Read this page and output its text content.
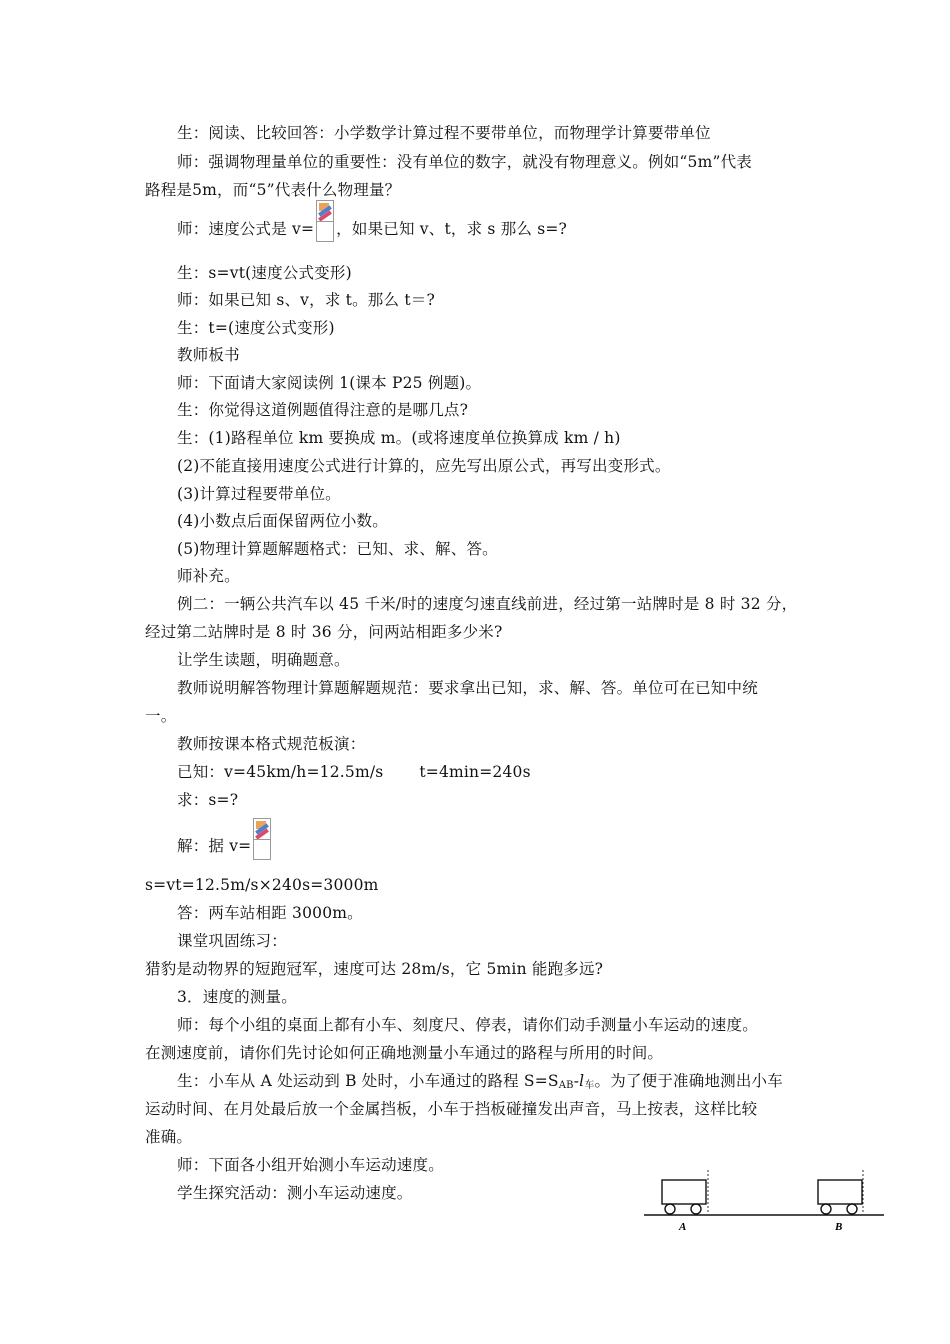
生：阅读、比较回答：小学数学计算过程不要带单位，而物理学计算要带单位
师：强调物理量单位的重要性：没有单位的数字，就没有物理意义。例如“5m”代表
路程是5m，而“5”代表什么物理量？
师：速度公式是 v= ，如果已知 v、t，求 s 那么 s=?
生：s=vt(速度公式变形)
师：如果已知 s、v，求 t。那么 t＝?
生：t=(速度公式变形)
教师板书
师：下面请大家阅读例 1(课本 P25 例题)。
生：你觉得这道例题值得注意的是哪几点?
生：(1)路程单位 km 要换成 m。(或将速度单位换算成 km / h)
(2)不能直接用速度公式进行计算的，应先写出原公式，再写出变形式。
(3)计算过程要带单位。
(4)小数点后面保留两位小数。
(5)物理计算题解题格式：已知、求、解、答。
师补充。
例二：一辆公共汽车以 45 千米/时的速度匀速直线前进，经过第一站牌时是 8 时 32 分，
经过第二站牌时是 8 时 36 分，问两站相距多少米?
让学生读题，明确题意。
教师说明解答物理计算题解题规范：要求拿出已知，求、解、答。单位可在已知中统
一。
教师按课本格式规范板演：
已知：v=45km/h=12.5m/s       t=4min=240s
求：s=?
解：据 v=
s=vt=12.5m/s×240s=3000m
答：两车站相距 3000m。
课堂巩固练习：
猎豹是动物界的短跑冠军，速度可达 28m/s，它 5min 能跑多远?
3．速度的测量。
师：每个小组的桌面上都有小车、刻度尺、停表，请你们动手测量小车运动的速度。
在测速度前，请你们先讨论如何正确地测量小车通过的路程与所用的时间。
生：小车从 A 处运动到 B 处时，小车通过的路程 $S=S_{AB}-l_车$。为了便于准确地测出小车
运动时间、在月处最后放一个金属挡板，小车于挡板碰撞发出声音，马上按表，这样比较
准确。
师：下面各小组开始测小车运动速度。
学生探究活动：测小车运动速度。
A	B
